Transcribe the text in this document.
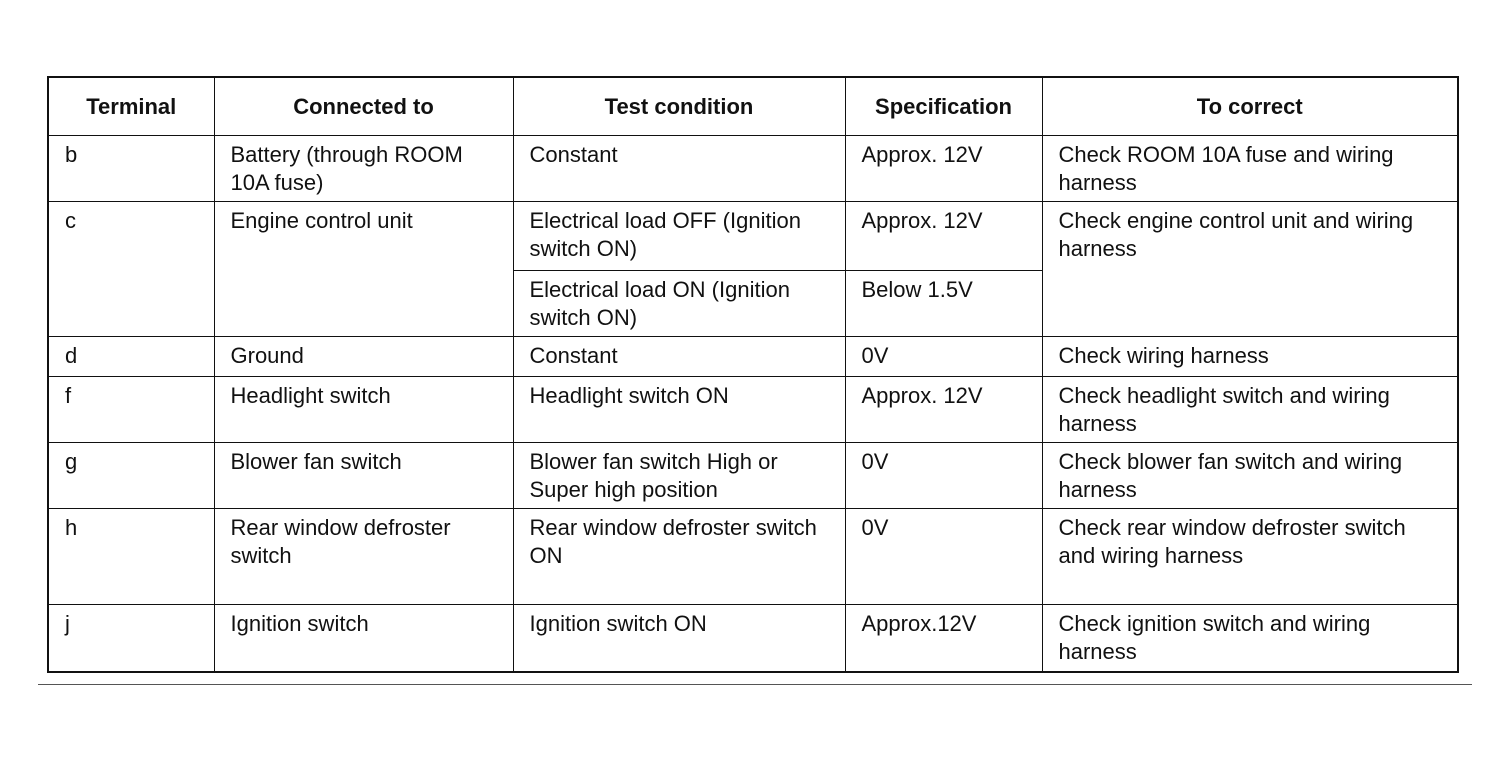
Terminal	Connected to	Test condition	Specification	To correct
b	Battery (through ROOM 10A fuse)	Constant	Approx. 12V	Check ROOM 10A fuse and wiring harness
c	Engine control unit	Electrical load OFF (Ignition switch ON)	Approx. 12V	Check engine control unit and wiring harness
		Electrical load ON (Ignition switch ON)	Below 1.5V	
d	Ground	Constant	0V	Check wiring harness
f	Headlight switch	Headlight switch ON	Approx. 12V	Check headlight switch and wiring harness
g	Blower fan switch	Blower fan switch High or Super high position	0V	Check blower fan switch and wiring harness
h	Rear window defroster switch	Rear window defroster switch ON	0V	Check rear window defroster switch and wiring harness
j	Ignition switch	Ignition switch ON	Approx.12V	Check ignition switch and wiring harness
